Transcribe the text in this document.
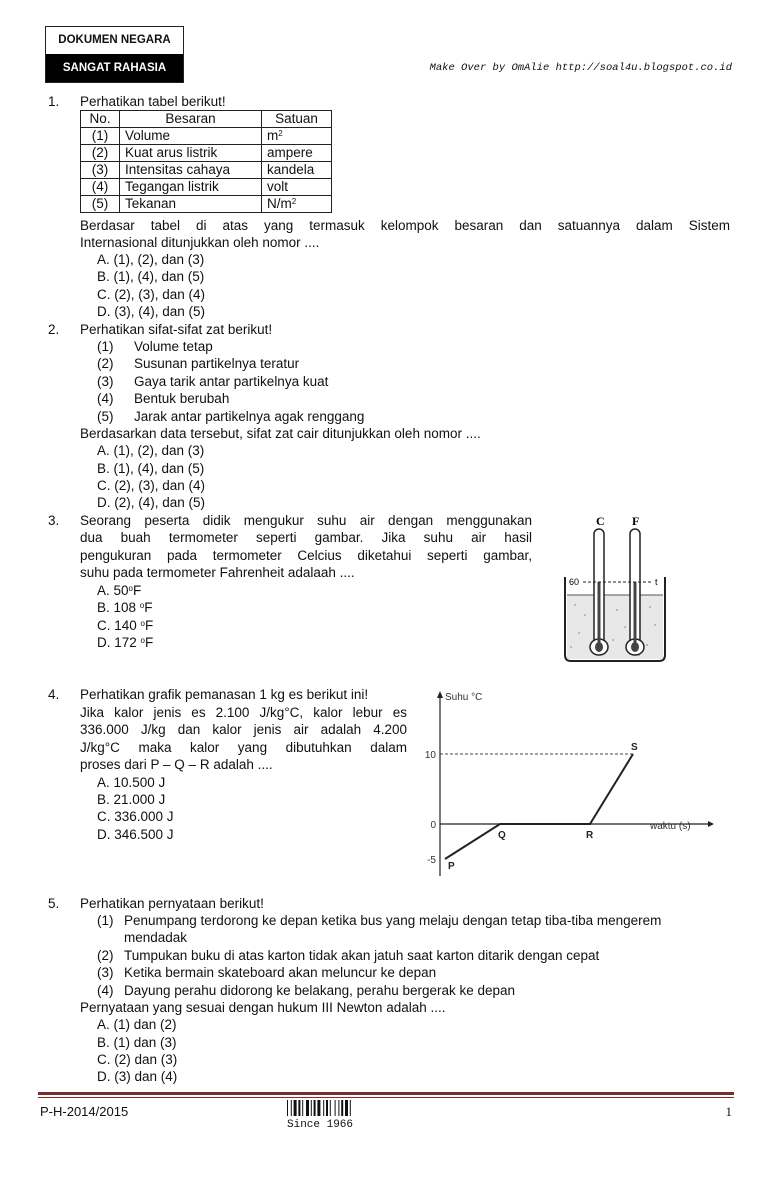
DOKUMEN NEGARA
SANGAT RAHASIA	Make Over by OmAlie http://soal4u.blogspot.co.id
1. Perhatikan tabel berikut!
No.	Besaran	Satuan
(1)	Volume	$m^2$
(2)	Kuat arus listrik	ampere
(3)	Intensitas cahaya	kandela
(4)	Tegangan listrik	volt
(5)	Tekanan	$N/m^2$
Berdasar tabel di atas yang termasuk kelompok besaran dan satuannya dalam Sistem
Internasional ditunjukkan oleh nomor ....
A. (1), (2), dan (3)
B. (1), (4), dan (5)
C. (2), (3), dan (4)
D. (3), (4), dan (5)
2. Perhatikan sifat-sifat zat berikut!
(1) Volume tetap
(2) Susunan partikelnya teratur
(3) Gaya tarik antar partikelnya kuat
(4) Bentuk berubah
(5) Jarak antar partikelnya agak renggang
Berdasarkan data tersebut, sifat zat cair ditunjukkan oleh nomor ....
A. (1), (2), dan (3)
B. (1), (4), dan (5)
C. (2), (3), dan (4)
D. (2), (4), dan (5)
3. Seorang peserta didik mengukur suhu air dengan menggunakan
dua buah termometer seperti gambar. Jika suhu air hasil
pengukuran pada termometer Celcius diketahui seperti gambar,
suhu pada termometer Fahrenheit adalaah ....
A. 50$^o$F
B. 108 $^o$F
C. 140 $^o$F
D. 172 $^o$F
C F
60	t
4. Perhatikan grafik pemanasan 1 kg es berikut ini!
Jika kalor jenis es 2.100 J/kg°C, kalor lebur es
336.000 J/kg dan kalor jenis air adalah 4.200
J/kg°C maka kalor yang dibutuhkan dalam
proses dari P – Q – R adalah ....
A. 10.500 J
B. 21.000 J
C. 336.000 J
D. 346.500 J
10
0
-5
Suhu °C
waktu (s)
P
Q	R
S
5. Perhatikan pernyataan berikut!
(1) Penumpang terdorong ke depan ketika bus yang melaju dengan tetap tiba-tiba mengerem
mendadak
(2) Tumpukan buku di atas karton tidak akan jatuh saat karton ditarik dengan cepat
(3) Ketika bermain skateboard akan meluncur ke depan
(4) Dayung perahu didorong ke belakang, perahu bergerak ke depan
Pernyataan yang sesuai dengan hukum III Newton adalah ....
A. (1) dan (2)
B. (1) dan (3)
C. (2) dan (3)
D. (3) dan (4)
P-H-2014/2015
Since 1966
1
